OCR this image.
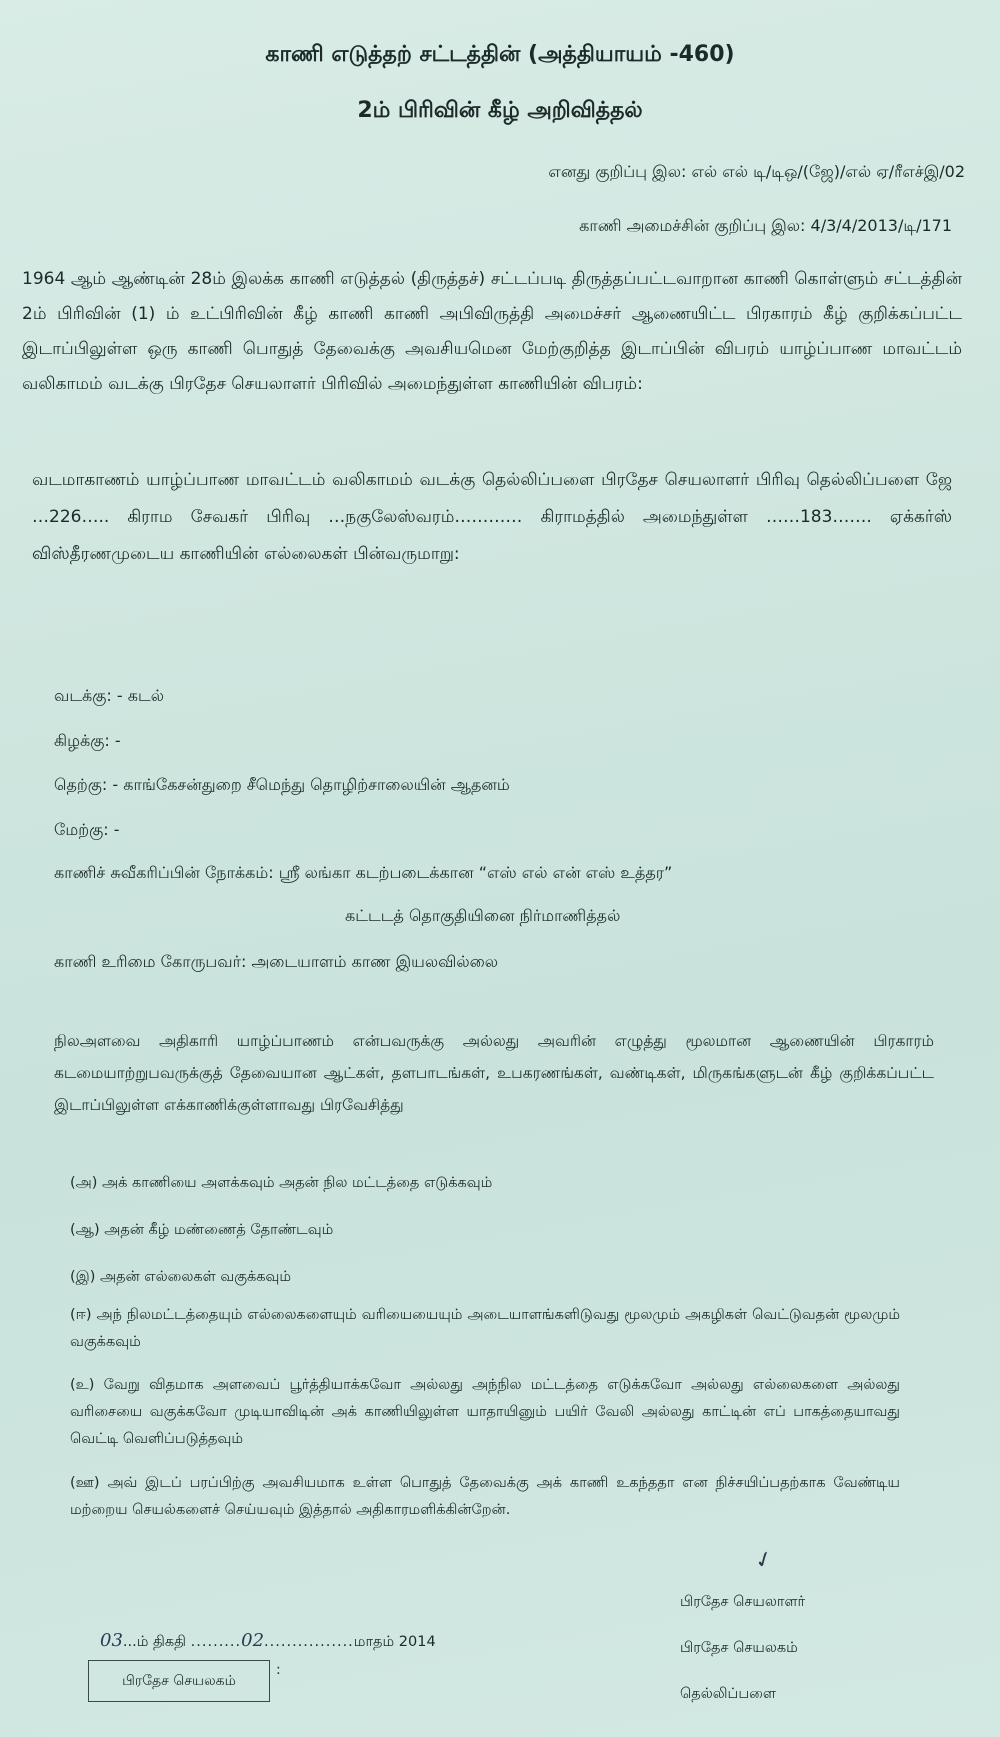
காணி எடுத்தற் சட்டத்தின் (அத்தியாயம் -460)
2ம் பிரிவின் கீழ் அறிவித்தல்
எனது குறிப்பு இல: எல் எல் டி/டிஒ/(ஜே)/எல் ஏ/ரீஎச்இ/02
காணி அமைச்சின் குறிப்பு இல: 4/3/4/2013/டி/171
1964 ஆம் ஆண்டின் 28ம் இலக்க காணி எடுத்தல் (திருத்தச்) சட்டப்படி திருத்தப்பட்டவாறான காணி கொள்ளும் சட்டத்தின் 2ம் பிரிவின் (1) ம் உட்பிரிவின் கீழ் காணி காணி அபிவிருத்தி அமைச்சர் ஆணையிட்ட பிரகாரம் கீழ் குறிக்கப்பட்ட இடாப்பிலுள்ள ஒரு காணி பொதுத் தேவைக்கு அவசியமென மேற்குறித்த இடாப்பின் விபரம் யாழ்ப்பாண மாவட்டம் வலிகாமம் வடக்கு பிரதேச செயலாளர் பிரிவில் அமைந்துள்ள காணியின் விபரம்:
வடமாகாணம் யாழ்ப்பாண மாவட்டம் வலிகாமம் வடக்கு தெல்லிப்பளை பிரதேச செயலாளர் பிரிவு தெல்லிப்பளை ஜே …226….. கிராம சேவகர் பிரிவு …நகுலேஸ்வரம்………… கிராமத்தில் அமைந்துள்ள ……183……. ஏக்கர்ஸ் விஸ்தீரணமுடைய காணியின் எல்லைகள் பின்வருமாறு:
வடக்கு: - கடல்
கிழக்கு: -
தெற்கு: - காங்கேசன்துறை சீமெந்து தொழிற்சாலையின் ஆதனம்
மேற்கு: -
காணிச் சுவீகரிப்பின் நோக்கம்: ஸ்ரீ லங்கா கடற்படைக்கான “எஸ் எல் என் எஸ் உத்தர”
கட்டடத் தொகுதியினை நிர்மாணித்தல்
காணி உரிமை கோருபவர்: அடையாளம் காண இயலவில்லை
நிலஅளவை அதிகாரி யாழ்ப்பாணம் என்பவருக்கு அல்லது அவரின் எழுத்து மூலமான ஆணையின் பிரகாரம் கடமையாற்றுபவருக்குத் தேவையான ஆட்கள், தளபாடங்கள், உபகரணங்கள், வண்டிகள், மிருகங்களுடன் கீழ் குறிக்கப்பட்ட இடாப்பிலுள்ள எக்காணிக்குள்ளாவது பிரவேசித்து
(அ) அக் காணியை அளக்கவும் அதன் நில மட்டத்தை எடுக்கவும்
(ஆ) அதன் கீழ் மண்ணைத் தோண்டவும்
(இ) அதன் எல்லைகள் வகுக்கவும்
(ஈ) அந் நிலமட்டத்தையும் எல்லைகளையும் வரியையையும் அடையாளங்களிடுவது மூலமும் அகழிகள் வெட்டுவதன் மூலமும் வகுக்கவும்
(உ) வேறு விதமாக அளவைப் பூர்த்தியாக்கவோ அல்லது அந்நில மட்டத்தை எடுக்கவோ அல்லது எல்லைகளை அல்லது வரிசையை வகுக்கவோ முடியாவிடின் அக் காணியிலுள்ள யாதாயினும் பயிர் வேலி அல்லது காட்டின் எப் பாகத்தையாவது வெட்டி வெளிப்படுத்தவும்
(ஊ) அவ் இடப் பரப்பிற்கு அவசியமாக உள்ள பொதுத் தேவைக்கு அக் காணி உகந்ததா என நிச்சயிப்பதற்காக வேண்டிய மற்றைய செயல்களைச் செய்யவும் இத்தால் அதிகாரமளிக்கின்றேன்.
✓
பிரதேச செயலாளர்
பிரதேச செயலகம்
தெல்லிப்பளை
03...ம் திகதி .........02................மாதம் 2014
பிரதேச செயலகம்
:
